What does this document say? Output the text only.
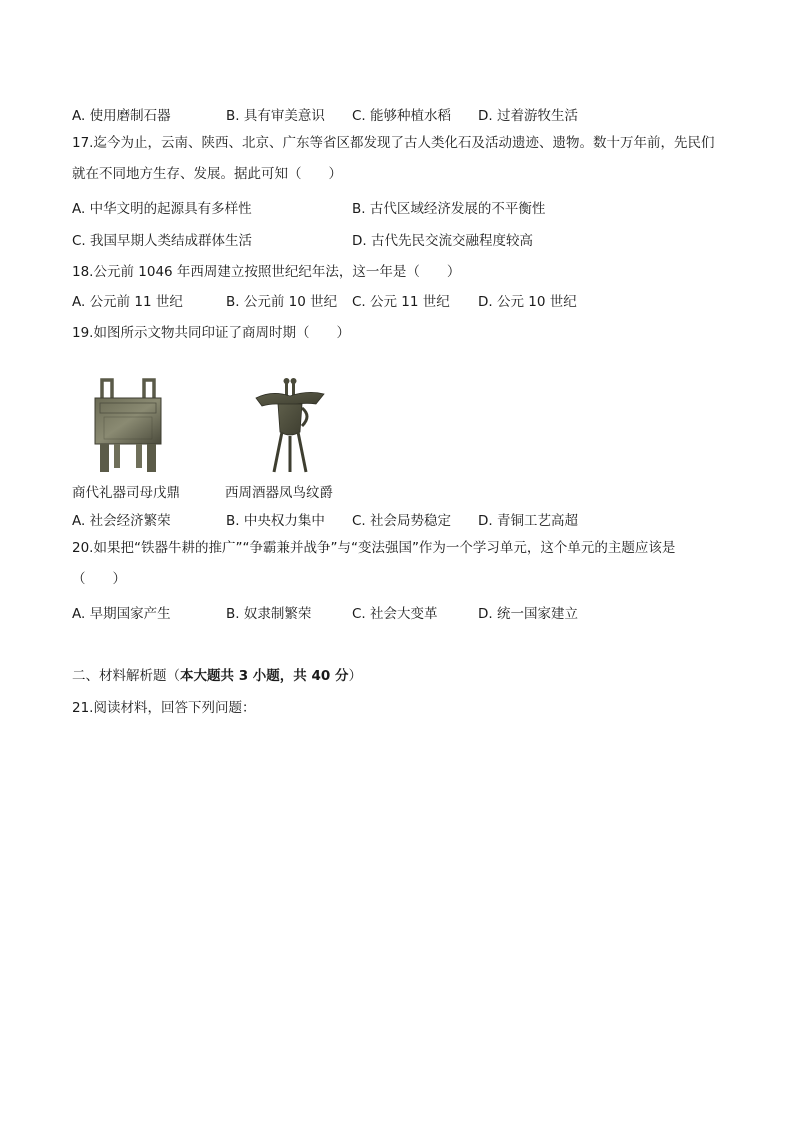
A. 使用磨制石器	B. 具有审美意识 C. 能够种植水稻 D. 过着游牧生活
17.迄今为止，云南、陕西、北京、广东等省区都发现了古人类化石及活动遗迹、遗物。数十万年前，先民们就在不同地方生存、发展。据此可知（　　）
A. 中华文明的起源具有多样性	B. 古代区域经济发展的不平衡性
C. 我国早期人类结成群体生活	D. 古代先民交流交融程度较高
18.公元前 1046 年西周建立按照世纪纪年法，这一年是（　　）
A. 公元前 11 世纪	B. 公元前 10 世纪 C. 公元 11 世纪 D. 公元 10 世纪
19.如图所示文物共同印证了商周时期（　　）
商代礼器司母戊鼎	西周酒器凤鸟纹爵
A. 社会经济繁荣	B. 中央权力集中 C. 社会局势稳定 D. 青铜工艺高超
20.如果把“铁器牛耕的推广”“争霸兼并战争”与“变法强国”作为一个学习单元，这个单元的主题应该是（　　）
A. 早期国家产生	B. 奴隶制繁荣	C. 社会大变革	D. 统一国家建立
二、材料解析题（本大题共 3 小题，共 40 分）
21.阅读材料，回答下列问题：
